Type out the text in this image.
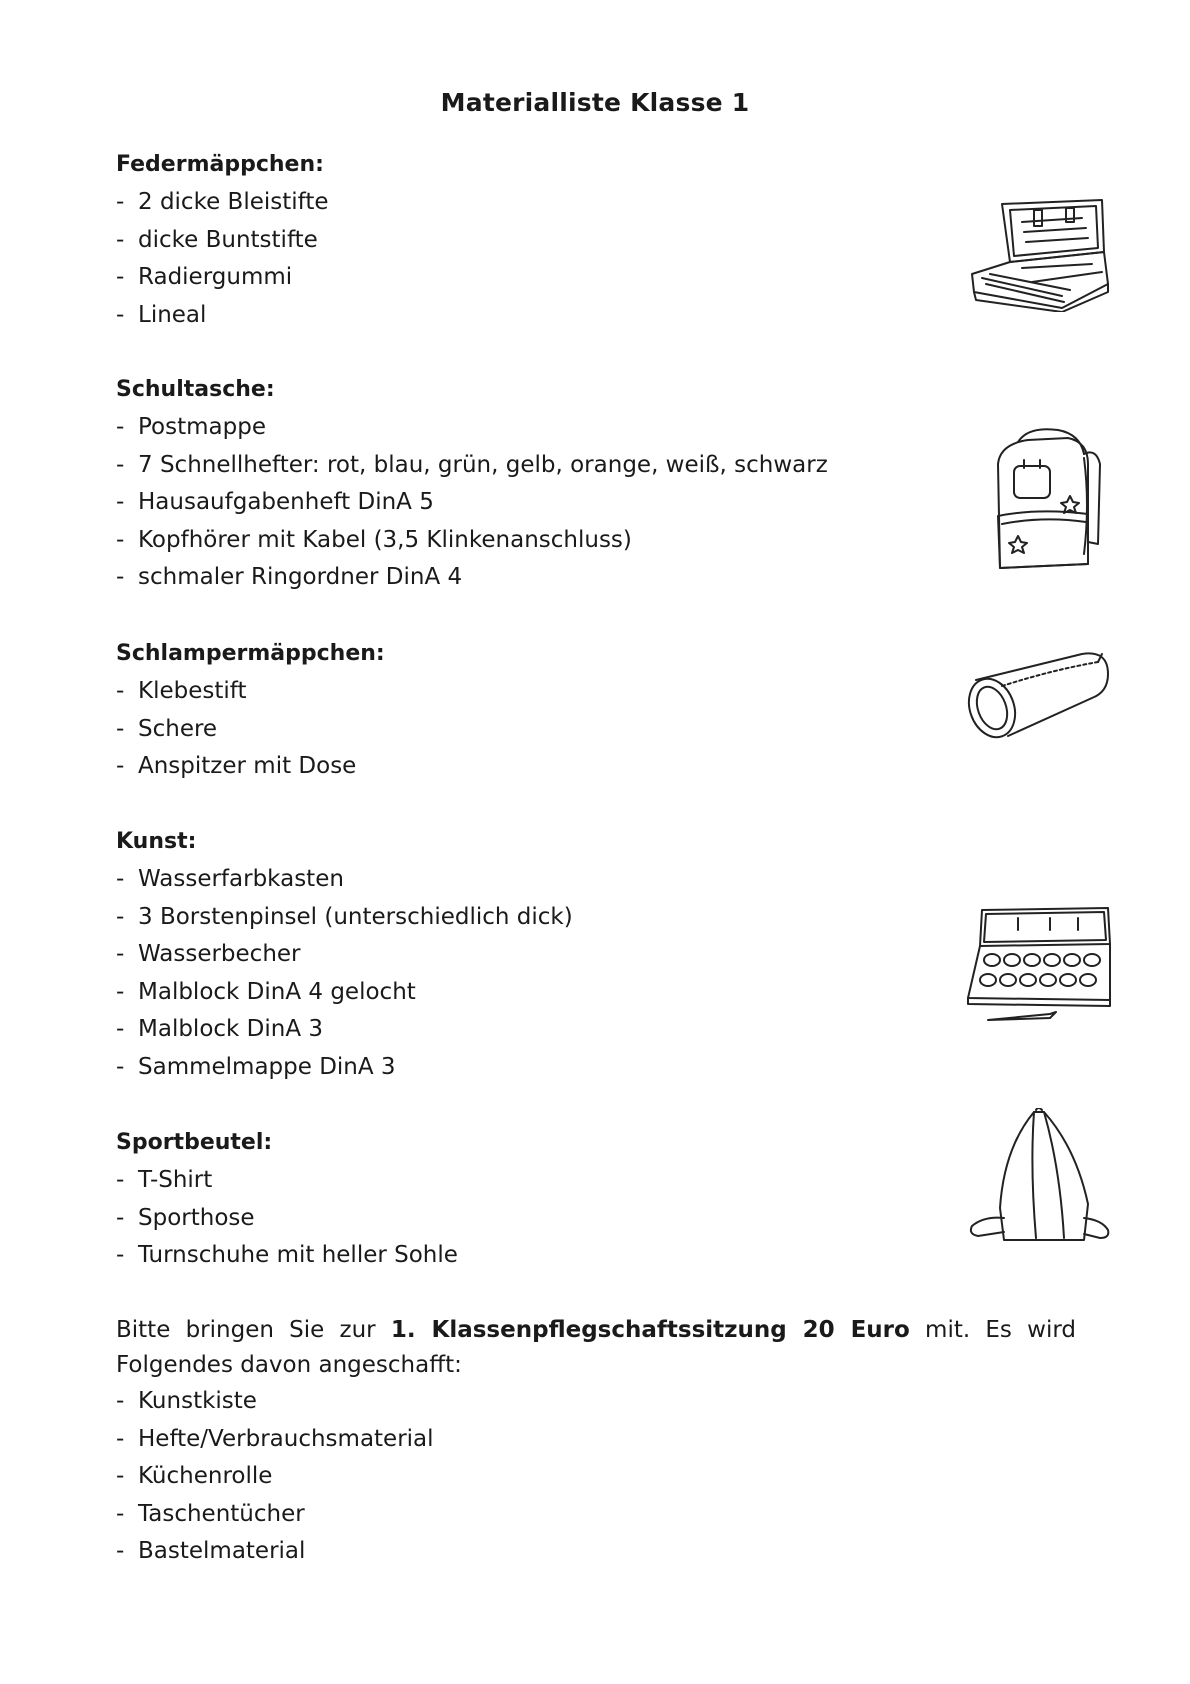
Materialliste Klasse 1
Federmäppchen:
- 2 dicke Bleistifte
- dicke Buntstifte
- Radiergummi
- Lineal
Schultasche:
- Postmappe
- 7 Schnellhefter: rot, blau, grün, gelb, orange, weiß, schwarz
- Hausaufgabenheft DinA 5
- Kopfhörer mit Kabel (3,5 Klinkenanschluss)
- schmaler Ringordner DinA 4
Schlampermäppchen:
- Klebestift
- Schere
- Anspitzer mit Dose
Kunst:
- Wasserfarbkasten
- 3 Borstenpinsel (unterschiedlich dick)
- Wasserbecher
- Malblock DinA 4 gelocht
- Malblock DinA 3
- Sammelmappe DinA 3
Sportbeutel:
- T-Shirt
- Sporthose
- Turnschuhe mit heller Sohle
Bitte bringen Sie zur 1. Klassenpflegschaftssitzung 20 Euro mit. Es wird Folgendes davon angeschafft:
- Kunstkiste
- Hefte/Verbrauchsmaterial
- Küchenrolle
- Taschentücher
- Bastelmaterial
